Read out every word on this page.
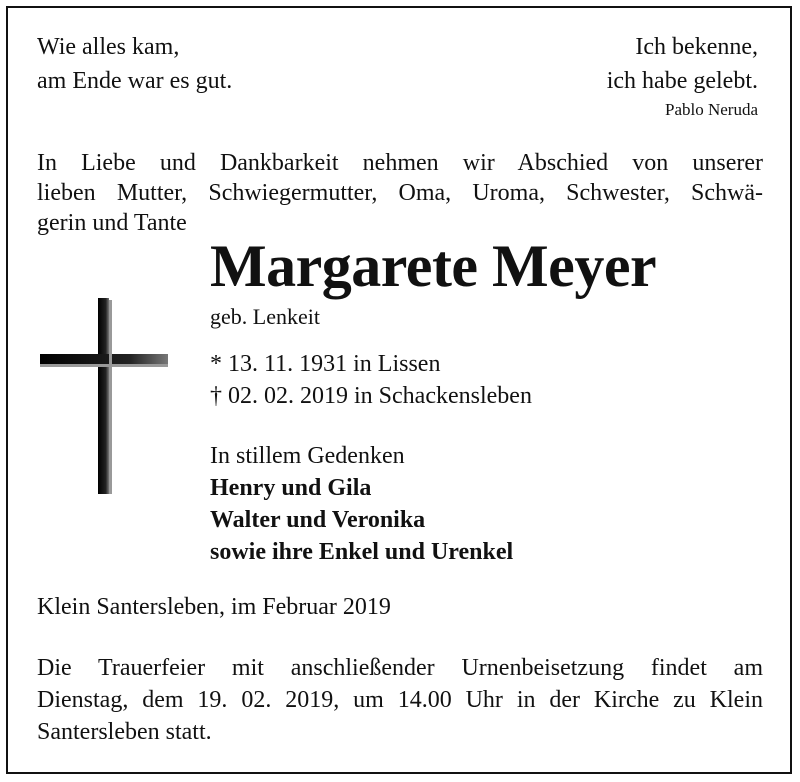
Wie alles kam,
am Ende war es gut.
Ich bekenne,
ich habe gelebt.
Pablo Neruda
In Liebe und Dankbarkeit nehmen wir Abschied von unserer
lieben Mutter, Schwiegermutter, Oma, Uroma, Schwester, Schwä-
gerin und Tante
Margarete Meyer
geb. Lenkeit
* 13. 11. 1931 in Lissen
† 02. 02. 2019 in Schackensleben
In stillem Gedenken
Henry und Gila
Walter und Veronika
sowie ihre Enkel und Urenkel
Klein Santersleben, im Februar 2019
Die Trauerfeier mit anschließender Urnenbeisetzung findet am
Dienstag, dem 19. 02. 2019, um 14.00 Uhr in der Kirche zu Klein
Santersleben statt.
